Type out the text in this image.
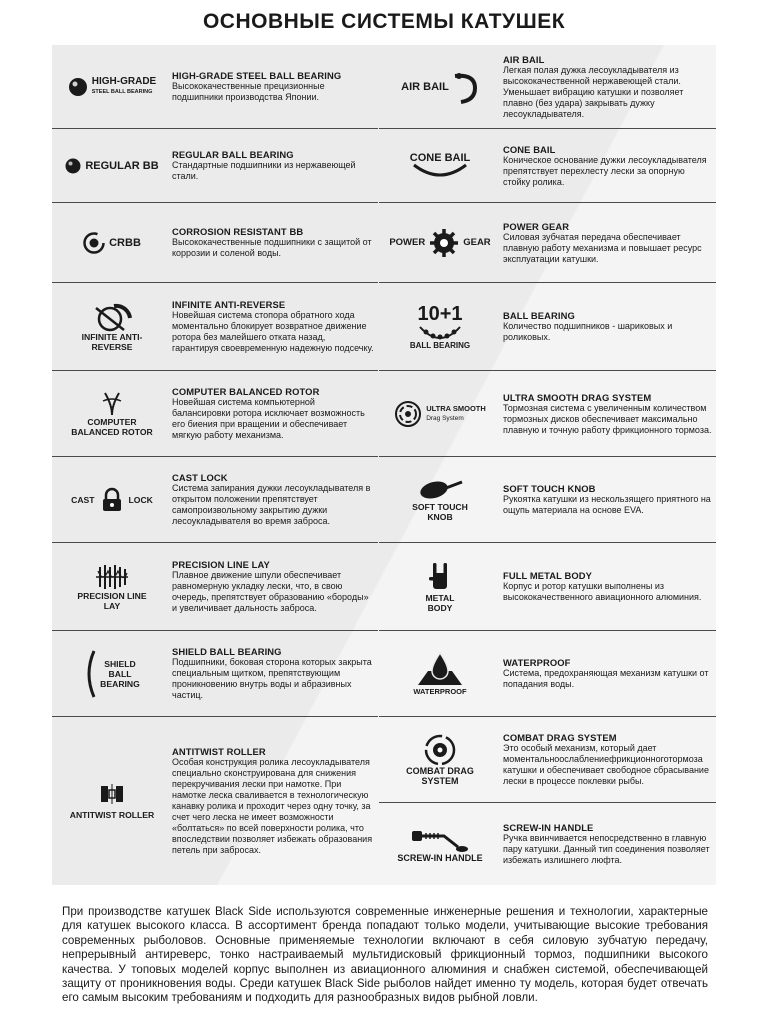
ОСНОВНЫЕ СИСТЕМЫ КАТУШЕК
HIGH-GRADE
STEEL BALL BEARING
HIGH-GRADE STEEL BALL BEARING
Высококачественные прецизионные подшипники производства Японии.
REGULAR BB
REGULAR BALL BEARING
Стандартные подшипники из нержавеющей стали.
CRBB
CORROSION RESISTANT BB
Высококачественные подшипники с защитой от коррозии и соленой воды.
INFINITE ANTI-REVERSE
INFINITE ANTI-REVERSE
Новейшая система стопора обратного хода моментально блокирует возвратное движение ротора без малейшего отката назад, гарантируя своевременную надежную подсечку.
COMPUTER BALANCED ROTOR
COMPUTER BALANCED ROTOR
Новейшая система компьютерной балансировки ротора исключает возможность его биения при вращении и обеспечивает мягкую работу механизма.
CAST	LOCK
CAST LOCK
Система запирания дужки лесоукладывателя в открытом положении препятствует самопроизвольному закрытию дужки лесоукладывателя во время заброса.
PRECISION LINE LAY
PRECISION LINE LAY
Плавное движение шпули обеспечивает равномерную укладку лески, что, в свою очередь, препятствует образованию «бороды» и увеличивает дальность заброса.
SHIELD BALL BEARING
SHIELD BALL BEARING
Подшипники, боковая сторона которых закрыта специальным щитком, препятствующим проникновению внутрь воды и абразивных частиц.
ANTITWIST ROLLER
ANTITWIST ROLLER
Особая конструкция ролика лесоукладывателя специально сконструирована для снижения перекручивания лески при намотке. При намотке леска сваливается в технологическую канавку ролика и проходит через одну точку, за счет чего леска не имеет возможности «болтаться» по всей поверхности ролика, что впоследствии позволяет избежать образования петель при забросах.
AIR BAIL
AIR BAIL
Легкая полая дужка лесоукладывателя из высококачественной нержавеющей стали. Уменьшает вибрацию катушки и позволяет плавно (без удара) закрывать дужку лесоукладывателя.
CONE BAIL
CONE BAIL
Коническое основание дужки лесоукладывателя препятствует перехлесту лески за опорную стойку ролика.
POWER	GEAR
POWER GEAR
Силовая зубчатая передача обеспечивает плавную работу механизма и повышает ресурс эксплуатации катушки.
10+1
BALL BEARING
BALL BEARING
Количество подшипников - шариковых и роликовых.
ULTRA SMOOTH
Drag System
ULTRA SMOOTH DRAG SYSTEM
Тормозная система с увеличенным количеством тормозных дисков обеспечивает максимально плавную и точную работу фрикционного тормоза.
SOFT TOUCH KNOB
SOFT TOUCH KNOB
Рукоятка катушки из нескользящего приятного на ощупь материала на основе EVA.
METAL BODY
FULL METAL BODY
Корпус и ротор катушки выполнены из высококачественного авиационного алюминия.
WATERPROOF
WATERPROOF
Система, предохраняющая механизм катушки от попадания воды.
COMBAT DRAG SYSTEM
COMBAT DRAG SYSTEM
Это особый механизм, который дает моментальноослаблениефрикционноготормоза катушки и обеспечивает свободное сбрасывание лески в процессе поклевки рыбы.
SCREW-IN HANDLE
SCREW-IN HANDLE
Ручка ввинчивается непосредственно в главную пару катушки. Данный тип соединения позволяет избежать излишнего люфта.
При производстве катушек Black Side используются современные инженерные решения и технологии, характерные для катушек высокого класса. В ассортимент бренда попадают только модели, учитывающие высокие требования современных рыболовов. Основные применяемые технологии включают в себя силовую зубчатую передачу, непрерывный антиреверс, тонко настраиваемый мультидисковый фрикционный тормоз, подшипники высокого качества. У топовых моделей корпус выполнен из авиационного алюминия и снабжен системой, обеспечивающей защиту от проникновения воды. Среди катушек Black Side рыболов найдет именно ту модель, которая будет отвечать его самым высоким требованиям и подходить для разнообразных видов рыбной ловли.
